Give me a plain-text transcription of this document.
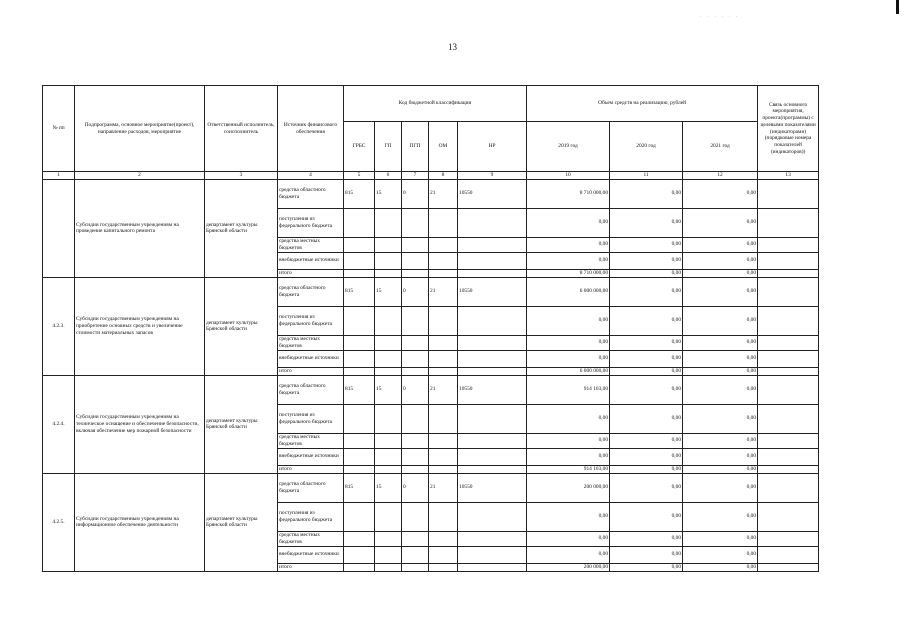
13
· · · · · ·
№ пп	Подпрограмма, основное мероприятие(проект), направление расходов, мероприятие	Ответственный исполнитель, соисполнитель	Источник финансового обеспечения	Код бюджетной классификации					Объем средств на реализацию, рублей			Связь основного мероприятия, проекта(программы) с целевыми показателями (индикаторами) (порядковые номера показателей (индикаторов))
				ГРБС	ГП	ПГП	ОМ	НР	2019 год	2020 год	2021 год	
1	2	3	4	5	6	7	8	9	10	11	12	13
	Субсидии государственным учреждениям на проведение капитального ремонта	департамент культуры Брянской области	средства областного бюджета	815	15	0	21	10550	8 710 000,00	0,00	0,00	
			поступления из федерального бюджета						0,00	0,00	0,00	
			средства местных бюджетов						0,00	0,00	0,00	
			внебюджетные источники						0,00	0,00	0,00	
			итого						8 710 000,00	0,00	0,00	
4.2.3.	Субсидии государственным учреждениям на приобретение основных средств и увеличение стоимости материальных запасов	департамент культуры Брянской области	средства областного бюджета	815	15	0	21	10550	6 000 000,00	0,00	0,00	
			поступления из федерального бюджета						0,00	0,00	0,00	
			средства местных бюджетов						0,00	0,00	0,00	
			внебюджетные источники						0,00	0,00	0,00	
			итого						6 000 000,00	0,00	0,00	
4.2.4.	Субсидии государственным учреждениям на техническое оснащение и обеспечение безопасности, включая обеспечение мер пожарной безопасности	департамент культуры Брянской области	средства областного бюджета	815	15	0	21	10550	914 103,00	0,00	0,00	
			поступления из федерального бюджета						0,00	0,00	0,00	
			средства местных бюджетов						0,00	0,00	0,00	
			внебюджетные источники						0,00	0,00	0,00	
			итого						914 103,00	0,00	0,00	
4.2.5.	Субсидии государственным учреждениям на информационное обеспечение деятельности	департамент культуры Брянской области	средства областного бюджета	815	15	0	21	10550	200 000,00	0,00	0,00	
			поступления из федерального бюджета						0,00	0,00	0,00	
			средства местных бюджетов						0,00	0,00	0,00	
			внебюджетные источники						0,00	0,00	0,00	
			итого						200 000,00	0,00	0,00	
